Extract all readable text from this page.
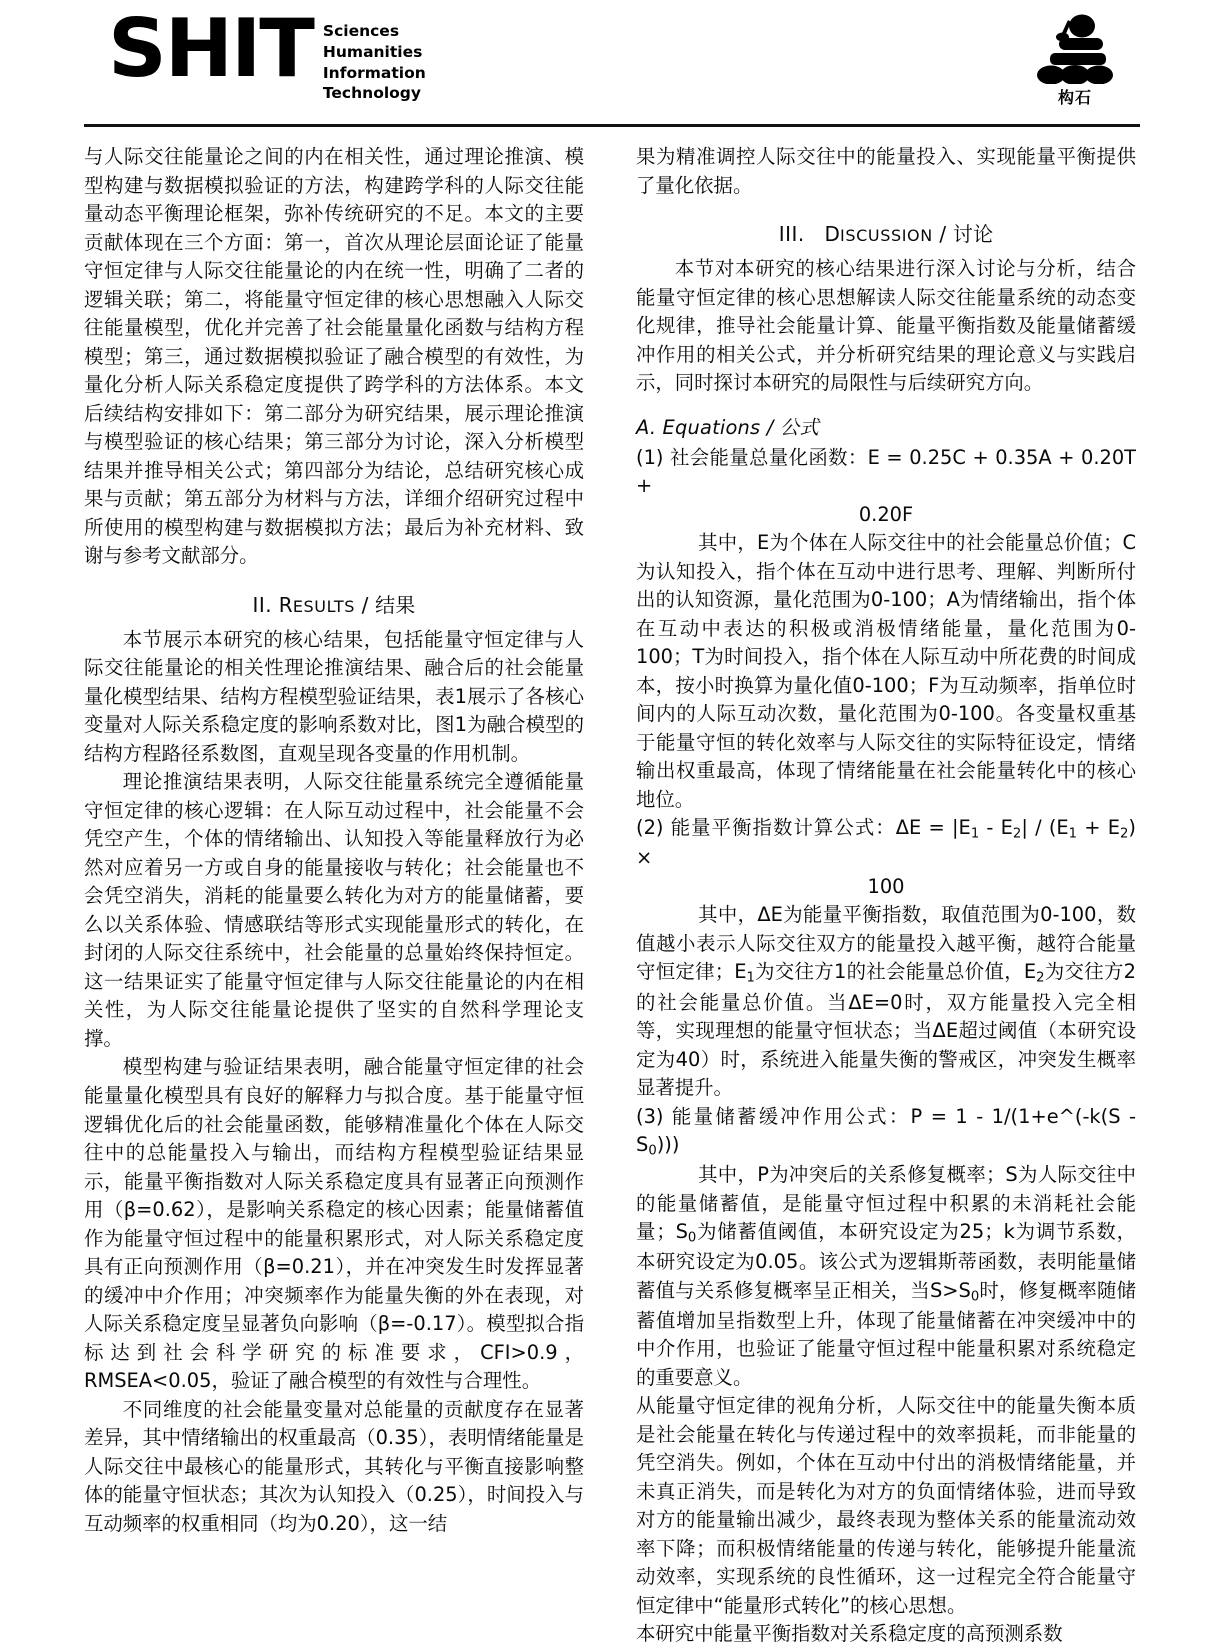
SHIT Sciences
Humanities
Information
Technology	构石

与人际交往能量论之间的内在相关性，通过理论推演、模型构建与数据模拟验证的方法，构建跨学科的人际交往能量动态平衡理论框架，弥补传统研究的不足。本文的主要贡献体现在三个方面：第一，首次从理论层面论证了能量守恒定律与人际交往能量论的内在统一性，明确了二者的逻辑关联；第二，将能量守恒定律的核心思想融入人际交往能量模型，优化并完善了社会能量量化函数与结构方程模型；第三，通过数据模拟验证了融合模型的有效性，为量化分析人际关系稳定度提供了跨学科的方法体系。本文后续结构安排如下：第二部分为研究结果，展示理论推演与模型验证的核心结果；第三部分为讨论，深入分析模型结果并推导相关公式；第四部分为结论，总结研究核心成果与贡献；第五部分为材料与方法，详细介绍研究过程中所使用的模型构建与数据模拟方法；最后为补充材料、致谢与参考文献部分。

II. RESULTS / 结果

本节展示本研究的核心结果，包括能量守恒定律与人际交往能量论的相关性理论推演结果、融合后的社会能量量化模型结果、结构方程模型验证结果，表1展示了各核心变量对人际关系稳定度的影响系数对比，图1为融合模型的结构方程路径系数图，直观呈现各变量的作用机制。

理论推演结果表明，人际交往能量系统完全遵循能量守恒定律的核心逻辑：在人际互动过程中，社会能量不会凭空产生，个体的情绪输出、认知投入等能量释放行为必然对应着另一方或自身的能量接收与转化；社会能量也不会凭空消失，消耗的能量要么转化为对方的能量储蓄，要么以关系体验、情感联结等形式实现能量形式的转化，在封闭的人际交往系统中，社会能量的总量始终保持恒定。这一结果证实了能量守恒定律与人际交往能量论的内在相关性，为人际交往能量论提供了坚实的自然科学理论支撑。

模型构建与验证结果表明，融合能量守恒定律的社会能量量化模型具有良好的解释力与拟合度。基于能量守恒逻辑优化后的社会能量函数，能够精准量化个体在人际交往中的总能量投入与输出，而结构方程模型验证结果显示，能量平衡指数对人际关系稳定度具有显著正向预测作用（β=0.62），是影响关系稳定的核心因素；能量储蓄值作为能量守恒过程中的能量积累形式，对人际关系稳定度具有正向预测作用（β=0.21），并在冲突发生时发挥显著的缓冲中介作用；冲突频率作为能量失衡的外在表现，对人际关系稳定度呈显著负向影响（β=-0.17）。模型拟合指标达到社会科学研究的标准要求，CFI>0.9，RMSEA<0.05，验证了融合模型的有效性与合理性。

不同维度的社会能量变量对总能量的贡献度存在显著差异，其中情绪输出的权重最高（0.35），表明情绪能量是人际交往中最核心的能量形式，其转化与平衡直接影响整体的能量守恒状态；其次为认知投入（0.25），时间投入与互动频率的权重相同（均为0.20），这一结

果为精准调控人际交往中的能量投入、实现能量平衡提供了量化依据。

III. DISCUSSION / 讨论

本节对本研究的核心结果进行深入讨论与分析，结合能量守恒定律的核心思想解读人际交往能量系统的动态变化规律，推导社会能量计算、能量平衡指数及能量储蓄缓冲作用的相关公式，并分析研究结果的理论意义与实践启示，同时探讨本研究的局限性与后续研究方向。

A. Equations / 公式

(1) 社会能量总量化函数：E = 0.25C + 0.35A + 0.20T +

0.20F

其中，E为个体在人际交往中的社会能量总价值；C为认知投入，指个体在互动中进行思考、理解、判断所付出的认知资源，量化范围为0-100；A为情绪输出，指个体在互动中表达的积极或消极情绪能量，量化范围为0-100；T为时间投入，指个体在人际互动中所花费的时间成本，按小时换算为量化值0-100；F为互动频率，指单位时间内的人际互动次数，量化范围为0-100。各变量权重基于能量守恒的转化效率与人际交往的实际特征设定，情绪输出权重最高，体现了情绪能量在社会能量转化中的核心地位。

(2) 能量平衡指数计算公式：$\Delta E = |E_1 - E_2| / (E_1 + E_2)$ ×

100

其中，ΔE为能量平衡指数，取值范围为0-100，数值越小表示人际交往双方的能量投入越平衡，越符合能量守恒定律；$E_1$为交往方1的社会能量总价值，$E_2$为交往方2的社会能量总价值。当ΔE=0时，双方能量投入完全相等，实现理想的能量守恒状态；当ΔE超过阈值（本研究设定为40）时，系统进入能量失衡的警戒区，冲突发生概率显著提升。

(3) 能量储蓄缓冲作用公式：P = 1 - 1/(1+e^(-k(S - $S_0$)))

其中，P为冲突后的关系修复概率；S为人际交往中的能量储蓄值，是能量守恒过程中积累的未消耗社会能量；$S_0$为储蓄值阈值，本研究设定为25；k为调节系数，本研究设定为0.05。该公式为逻辑斯蒂函数，表明能量储蓄值与关系修复概率呈正相关，当$S>S_0$时，修复概率随储蓄值增加呈指数型上升，体现了能量储蓄在冲突缓冲中的中介作用，也验证了能量守恒过程中能量积累对系统稳定的重要意义。

从能量守恒定律的视角分析，人际交往中的能量失衡本质是社会能量在转化与传递过程中的效率损耗，而非能量的凭空消失。例如，个体在互动中付出的消极情绪能量，并未真正消失，而是转化为对方的负面情绪体验，进而导致对方的能量输出减少，最终表现为整体关系的能量流动效率下降；而积极情绪能量的传递与转化，能够提升能量流动效率，实现系统的良性循环，这一过程完全符合能量守恒定律中“能量形式转化”的核心思想。

本研究中能量平衡指数对关系稳定度的高预测系数
